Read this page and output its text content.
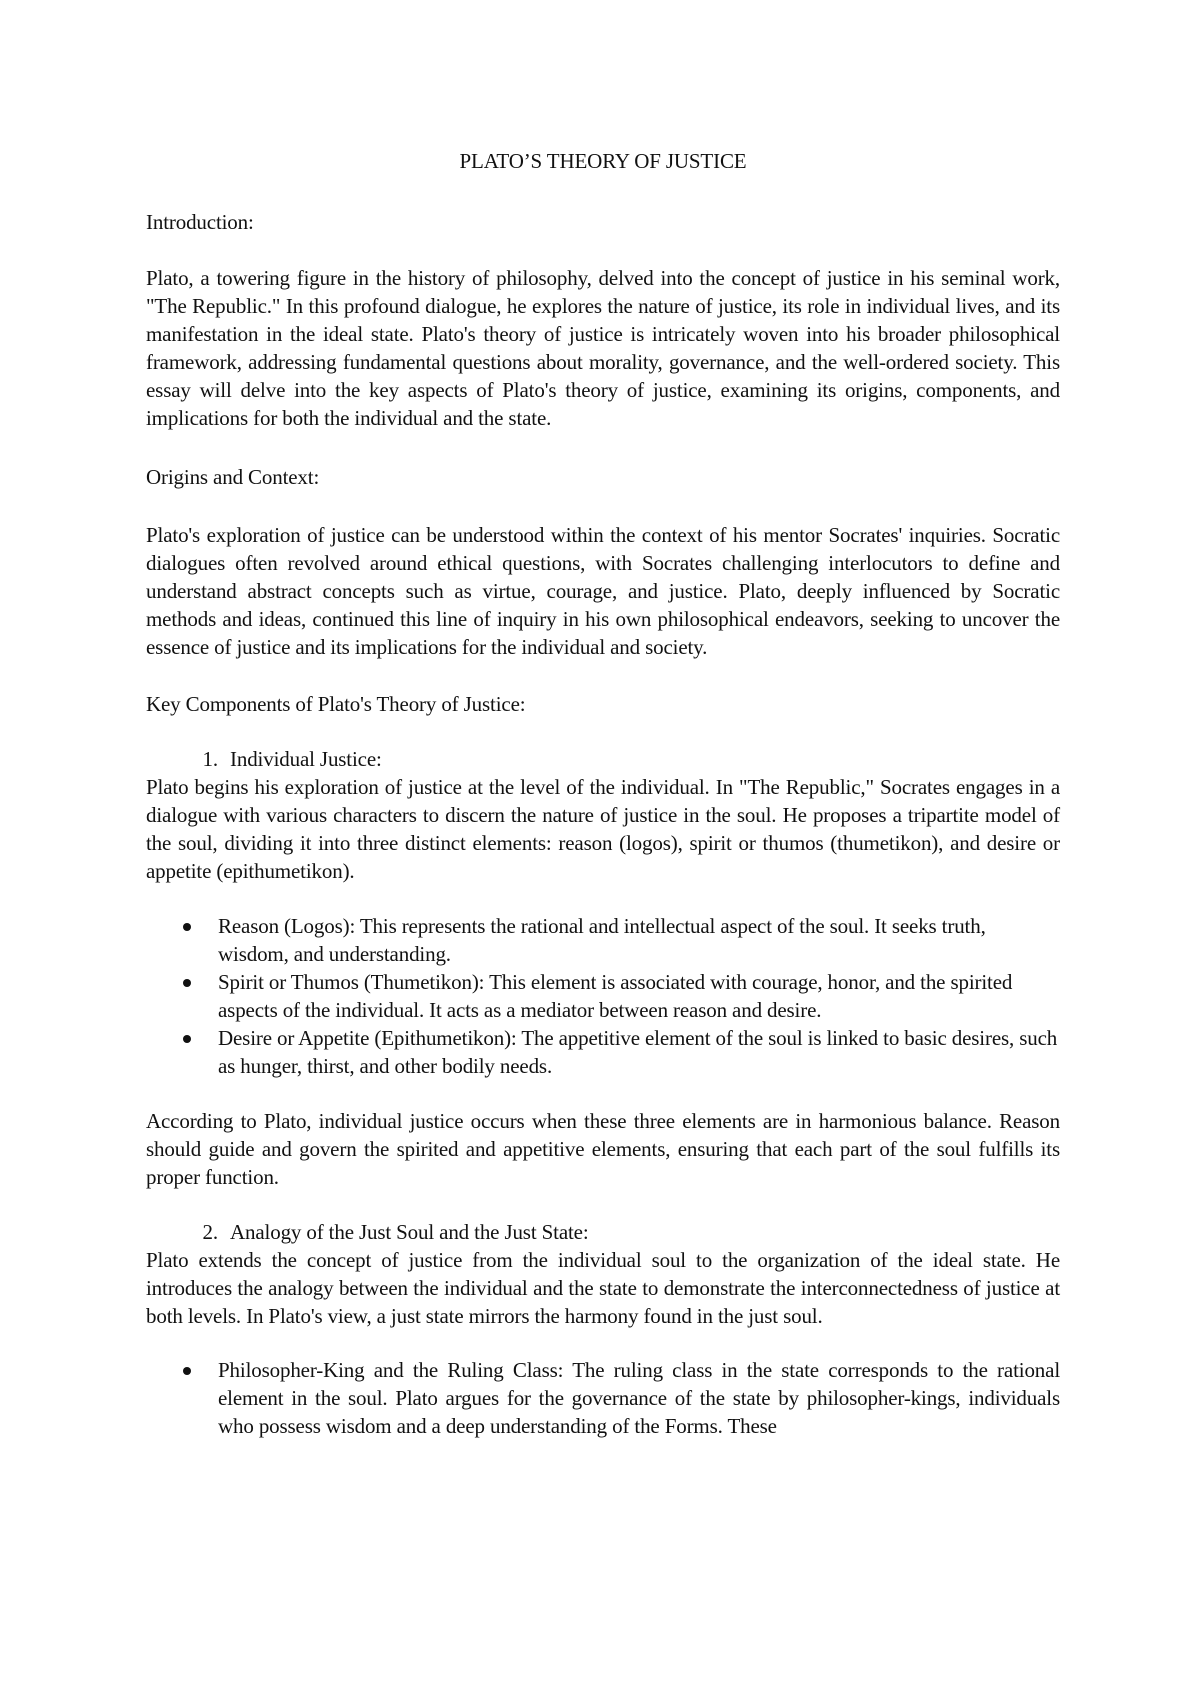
PLATO’S THEORY OF JUSTICE

Introduction:

Plato, a towering figure in the history of philosophy, delved into the concept of justice in his seminal work, "The Republic." In this profound dialogue, he explores the nature of justice, its role in individual lives, and its manifestation in the ideal state. Plato's theory of justice is intricately woven into his broader philosophical framework, addressing fundamental questions about morality, governance, and the well-ordered society. This essay will delve into the key aspects of Plato's theory of justice, examining its origins, components, and implications for both the individual and the state.

Origins and Context:

Plato's exploration of justice can be understood within the context of his mentor Socrates' inquiries. Socratic dialogues often revolved around ethical questions, with Socrates challenging interlocutors to define and understand abstract concepts such as virtue, courage, and justice. Plato, deeply influenced by Socratic methods and ideas, continued this line of inquiry in his own philosophical endeavors, seeking to uncover the essence of justice and its implications for the individual and society.

Key Components of Plato's Theory of Justice:

1. Individual Justice:

Plato begins his exploration of justice at the level of the individual. In "The Republic," Socrates engages in a dialogue with various characters to discern the nature of justice in the soul. He proposes a tripartite model of the soul, dividing it into three distinct elements: reason (logos), spirit or thumos (thumetikon), and desire or appetite (epithumetikon).

Reason (Logos): This represents the rational and intellectual aspect of the soul. It seeks truth, wisdom, and understanding.
Spirit or Thumos (Thumetikon): This element is associated with courage, honor, and the spirited aspects of the individual. It acts as a mediator between reason and desire.
Desire or Appetite (Epithumetikon): The appetitive element of the soul is linked to basic desires, such as hunger, thirst, and other bodily needs.

According to Plato, individual justice occurs when these three elements are in harmonious balance. Reason should guide and govern the spirited and appetitive elements, ensuring that each part of the soul fulfills its proper function.

2. Analogy of the Just Soul and the Just State:

Plato extends the concept of justice from the individual soul to the organization of the ideal state. He introduces the analogy between the individual and the state to demonstrate the interconnectedness of justice at both levels. In Plato's view, a just state mirrors the harmony found in the just soul.

Philosopher-King and the Ruling Class: The ruling class in the state corresponds to the rational element in the soul. Plato argues for the governance of the state by philosopher-kings, individuals who possess wisdom and a deep understanding of the Forms. These
